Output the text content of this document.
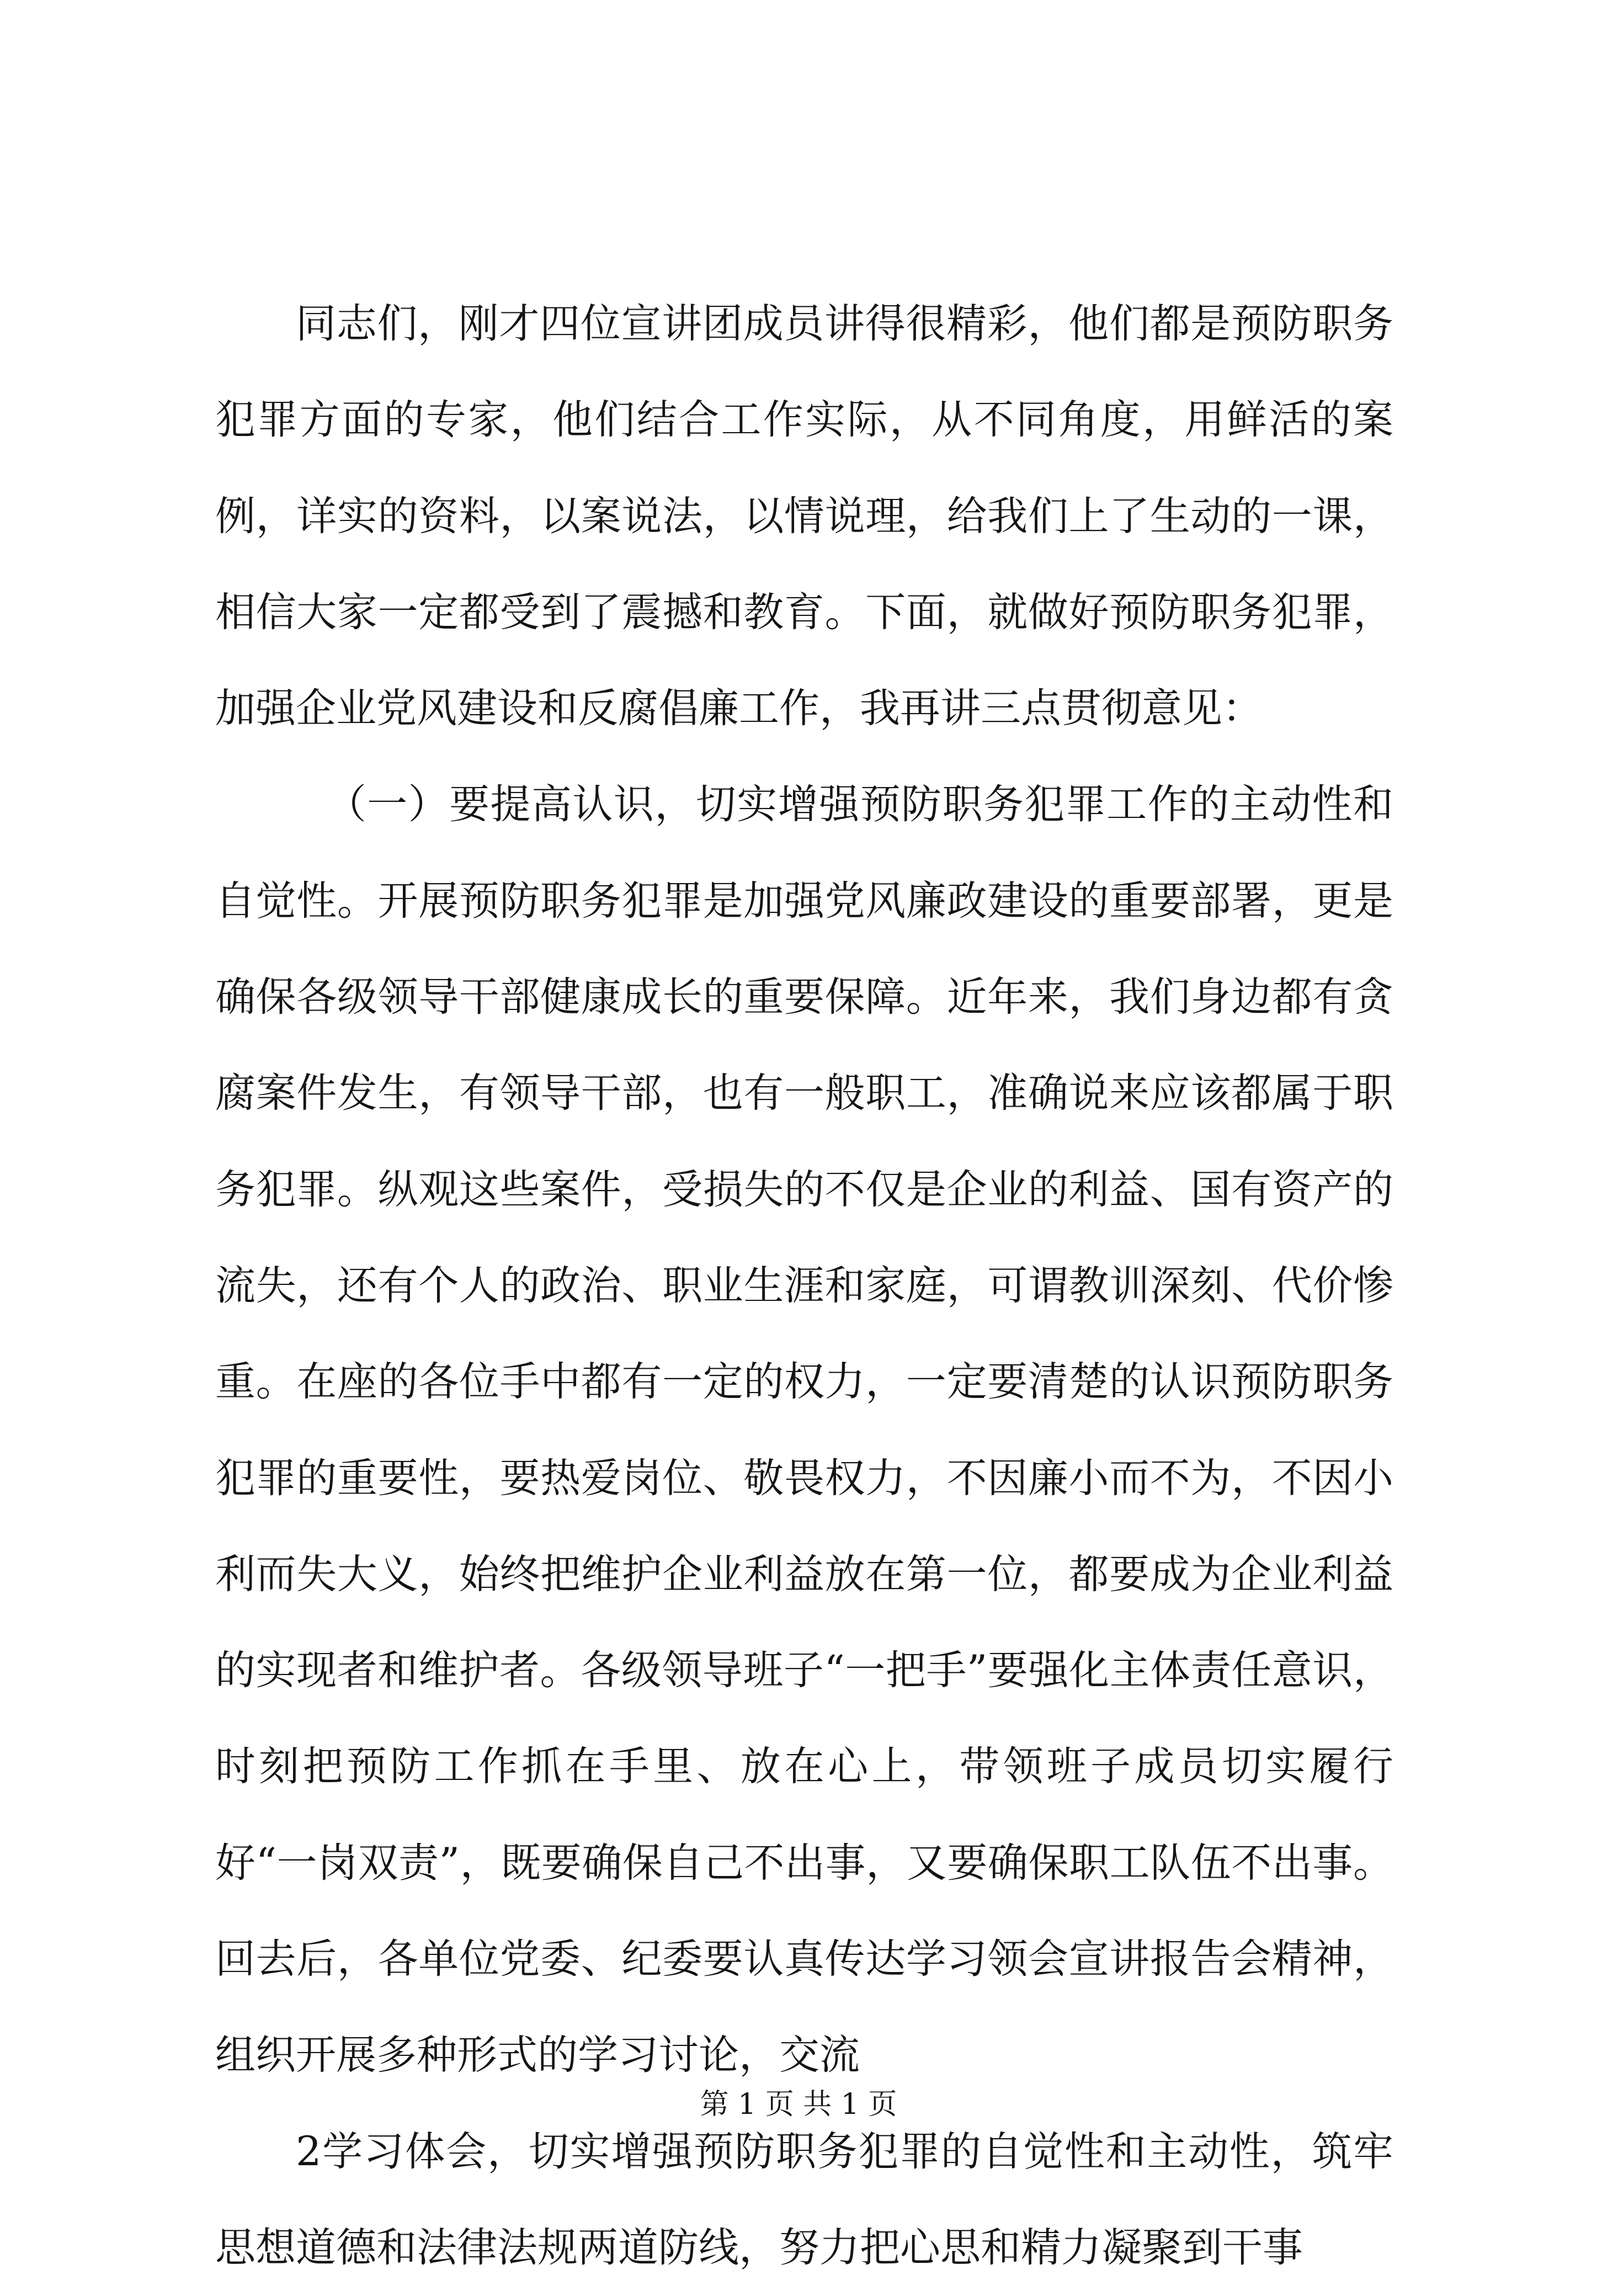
同志们，刚才四位宣讲团成员讲得很精彩，他们都是预防职务犯罪方面的专家，他们结合工作实际，从不同角度，用鲜活的案例，详实的资料，以案说法，以情说理，给我们上了生动的一课，相信大家一定都受到了震撼和教育。下面，就做好预防职务犯罪，加强企业党风建设和反腐倡廉工作，我再讲三点贯彻意见：

（一）要提高认识，切实增强预防职务犯罪工作的主动性和自觉性。开展预防职务犯罪是加强党风廉政建设的重要部署，更是确保各级领导干部健康成长的重要保障。近年来，我们身边都有贪腐案件发生，有领导干部，也有一般职工，准确说来应该都属于职务犯罪。纵观这些案件，受损失的不仅是企业的利益、国有资产的流失，还有个人的政治、职业生涯和家庭，可谓教训深刻、代价惨重。在座的各位手中都有一定的权力，一定要清楚的认识预防职务犯罪的重要性，要热爱岗位、敬畏权力，不因廉小而不为，不因小利而失大义，始终把维护企业利益放在第一位，都要成为企业利益的实现者和维护者。各级领导班子“一把手”要强化主体责任意识，时刻把预防工作抓在手里、放在心上，带领班子成员切实履行好“一岗双责”，既要确保自己不出事，又要确保职工队伍不出事。回去后，各单位党委、纪委要认真传达学习领会宣讲报告会精神，组织开展多种形式的学习讨论，交流

2学习体会，切实增强预防职务犯罪的自觉性和主动性，筑牢思想道德和法律法规两道防线，努力把心思和精力凝聚到干事

第 1 页 共 1 页
